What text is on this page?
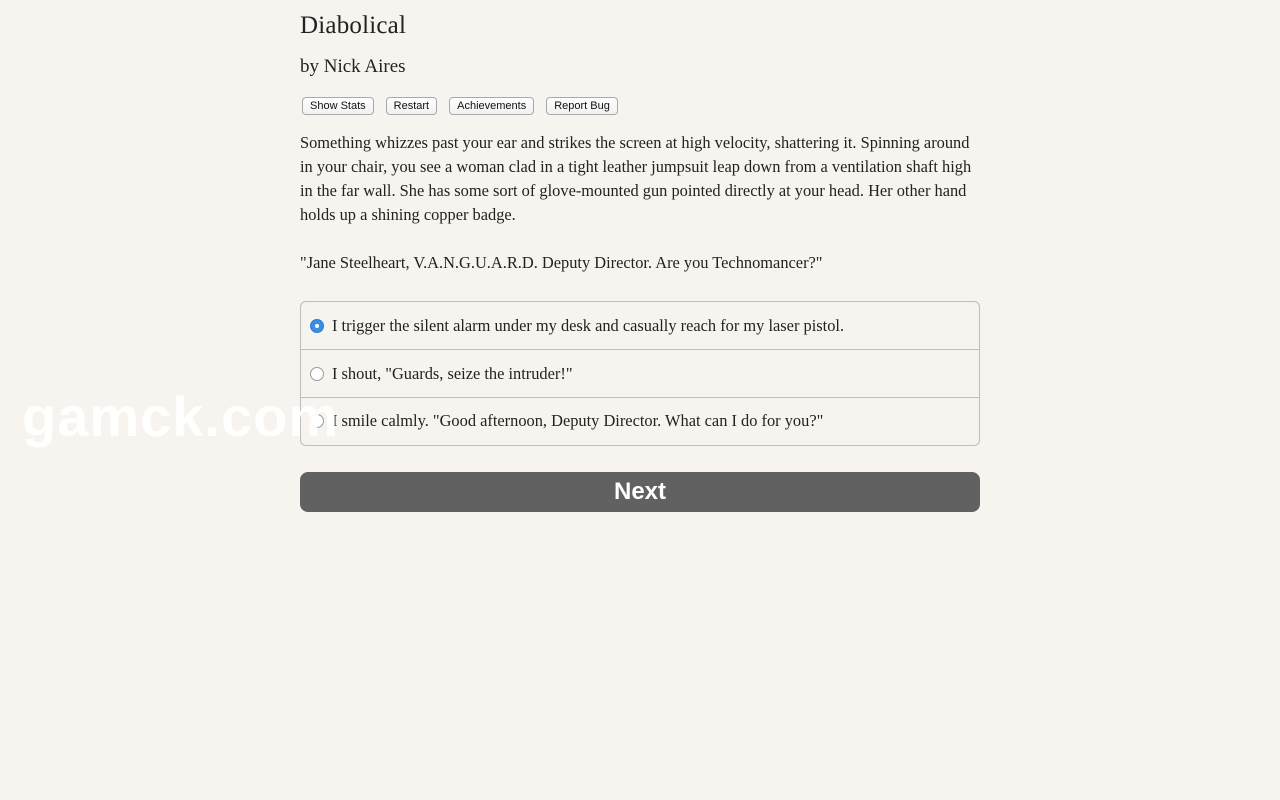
Diabolical
by Nick Aires
Show Stats	Restart	Achievements	Report Bug

Something whizzes past your ear and strikes the screen at high velocity, shattering it. Spinning around in your chair, you see a woman clad in a tight leather jumpsuit leap down from a ventilation shaft high in the far wall. She has some sort of glove-mounted gun pointed directly at your head. Her other hand holds up a shining copper badge.

"Jane Steelheart, V.A.N.G.U.A.R.D. Deputy Director. Are you Technomancer?"

I trigger the silent alarm under my desk and casually reach for my laser pistol.
I shout, "Guards, seize the intruder!"
I smile calmly. "Good afternoon, Deputy Director. What can I do for you?"
Next
gamck.com
